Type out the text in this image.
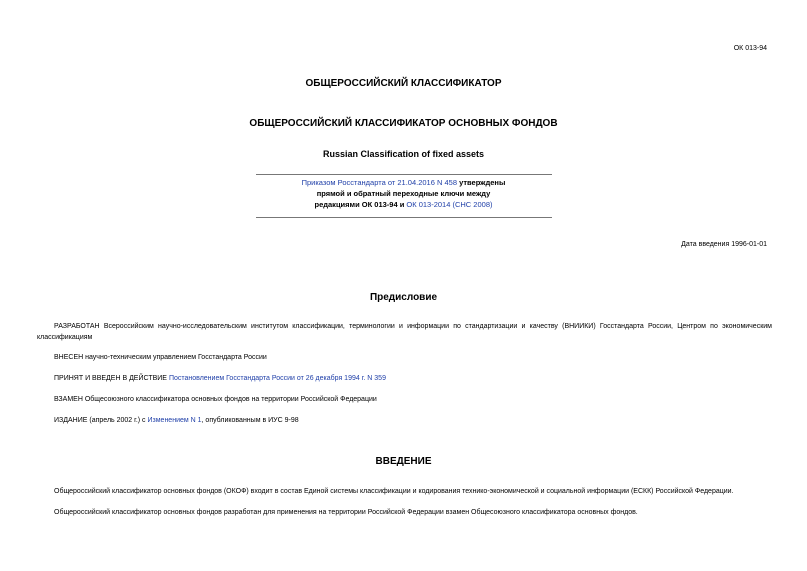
ОК 013-94
ОБЩЕРОССИЙСКИЙ КЛАССИФИКАТОР
ОБЩЕРОССИЙСКИЙ КЛАССИФИКАТОР ОСНОВНЫХ ФОНДОВ
Russian Classification of fixed assets
Приказом Росстандарта от 21.04.2016 N 458 утверждены
прямой и обратный переходные ключи между
редакциями ОК 013-94 и ОК 013-2014 (СНС 2008)
Дата введения 1996-01-01
Предисловие
РАЗРАБОТАН Всероссийским научно-исследовательским институтом классификации, терминологии и информации по стандартизации и качеству (ВНИИКИ) Госстандарта России, Центром по экономическим классификациям
ВНЕСЕН научно-техническим управлением Госстандарта России
ПРИНЯТ И ВВЕДЕН В ДЕЙСТВИЕ Постановлением Госстандарта России от 26 декабря 1994 г. N 359
ВЗАМЕН Общесоюзного классификатора основных фондов на территории Российской Федерации
ИЗДАНИЕ (апрель 2002 г.) с Изменением N 1, опубликованным в ИУС 9-98
ВВЕДЕНИЕ
Общероссийский классификатор основных фондов (ОКОФ) входит в состав Единой системы классификации и кодирования технико-экономической и социальной информации (ЕСКК) Российской Федерации.
Общероссийский классификатор основных фондов разработан для применения на территории Российской Федерации взамен Общесоюзного классификатора основных фондов.
